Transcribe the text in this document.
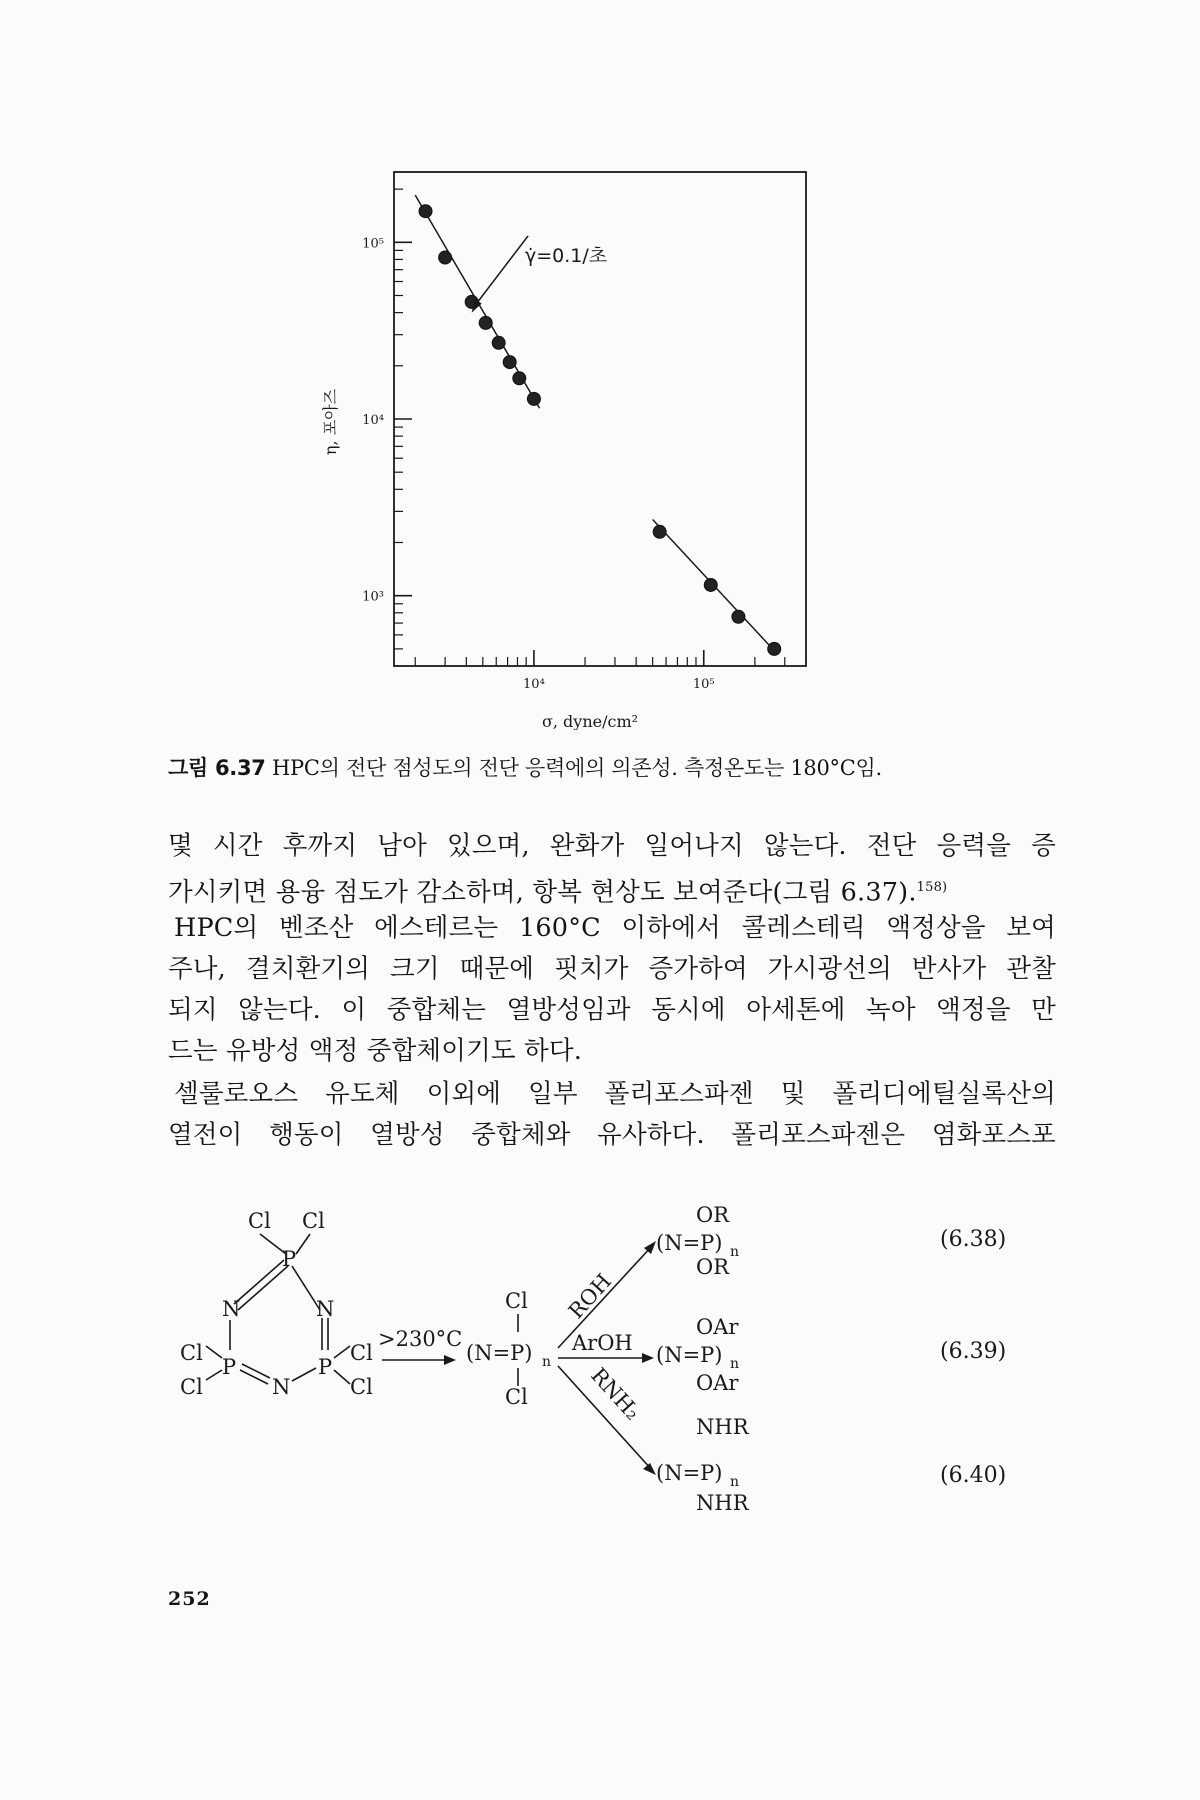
10³
10⁴
10⁵
10⁴	10⁵
γ̇=0.1/초
η, 포아즈
σ, dyne/cm²
그림 6.37 HPC의 전단 점성도의 전단 응력에의 의존성. 측정온도는 180°C임.
몇 시간 후까지 남아 있으며, 완화가 일어나지 않는다. 전단 응력을 증
가시키면 용융 점도가 감소하며, 항복 현상도 보여준다(그림 6.37).$^{158)}$
HPC의 벤조산 에스테르는 160°C 이하에서 콜레스테릭 액정상을 보여
주나, 결치환기의 크기 때문에 핏치가 증가하여 가시광선의 반사가 관찰
되지 않는다. 이 중합체는 열방성임과 동시에 아세톤에 녹아 액정을 만
드는 유방성 액정 중합체이기도 하다.
셀룰로오스 유도체 이외에 일부 폴리포스파젠 및 폴리디에틸실록산의
열전이 행동이 열방성 중합체와 유사하다. 폴리포스파젠은 염화포스포
Cl Cl
P
N	N
Cl
P	P
Cl
Cl	N	Cl
>230°C
Cl
(N=P) n
Cl
ROH
ArOH
RNH₂
OR
(N=P) n
OR
OAr
(N=P) n
OAr
NHR
(N=P) n
NHR
(6.38)
(6.39)
(6.40)
252
